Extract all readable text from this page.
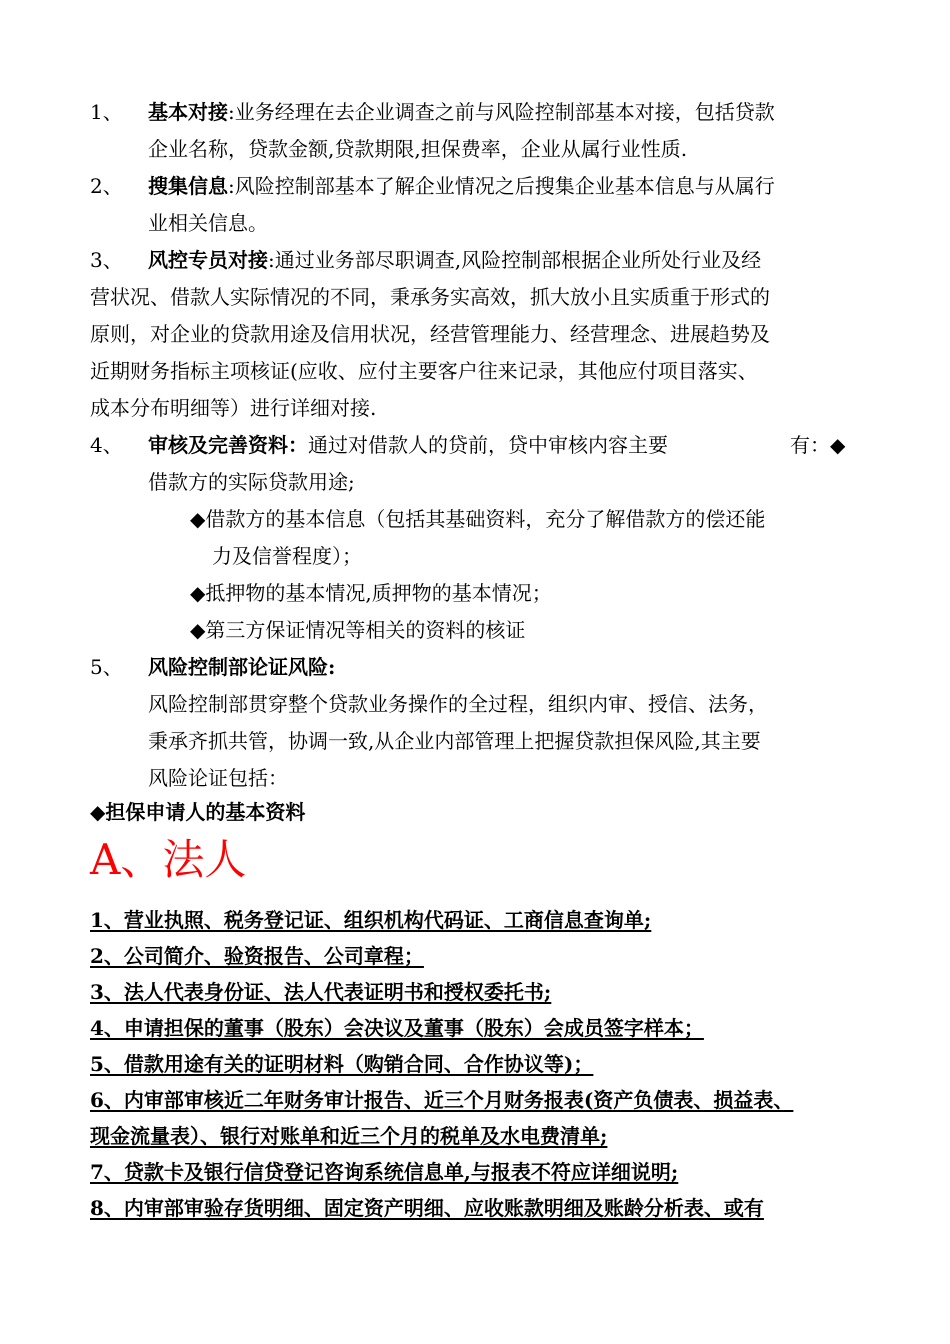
1、 基本对接:业务经理在去企业调查之前与风险控制部基本对接，包括贷款
企业名称，贷款金额,贷款期限,担保费率，企业从属行业性质.
2、 搜集信息:风险控制部基本了解企业情况之后搜集企业基本信息与从属行
业相关信息。
3、 风控专员对接:通过业务部尽职调查,风险控制部根据企业所处行业及经
营状况、借款人实际情况的不同，秉承务实高效，抓大放小且实质重于形式的
原则，对企业的贷款用途及信用状况，经营管理能力、经营理念、进展趋势及
近期财务指标主项核证(应收、应付主要客户往来记录，其他应付项目落实、
成本分布明细等）进行详细对接.
4、 审核及完善资料：通过对借款人的贷前，贷中审核内容主要	有：◆
借款方的实际贷款用途;
◆借款方的基本信息（包括其基础资料，充分了解借款方的偿还能
力及信誉程度）；
◆抵押物的基本情况,质押物的基本情况；
◆第三方保证情况等相关的资料的核证
5、 风险控制部论证风险:
风险控制部贯穿整个贷款业务操作的全过程，组织内审、授信、法务，
秉承齐抓共管，协调一致,从企业内部管理上把握贷款担保风险,其主要
风险论证包括：
◆担保申请人的基本资料
A、法人
1、营业执照、税务登记证、组织机构代码证、工商信息查询单;
2、公司简介、验资报告、公司章程；
3、法人代表身份证、法人代表证明书和授权委托书;
4、申请担保的董事（股东）会决议及董事（股东）会成员签字样本；
5、借款用途有关的证明材料（购销合同、合作协议等)；
6、内审部审核近二年财务审计报告、近三个月财务报表(资产负债表、损益表、
现金流量表）、银行对账单和近三个月的税单及水电费清单;
7、贷款卡及银行信贷登记咨询系统信息单,与报表不符应详细说明;
8、内审部审验存货明细、固定资产明细、应收账款明细及账龄分析表、或有
